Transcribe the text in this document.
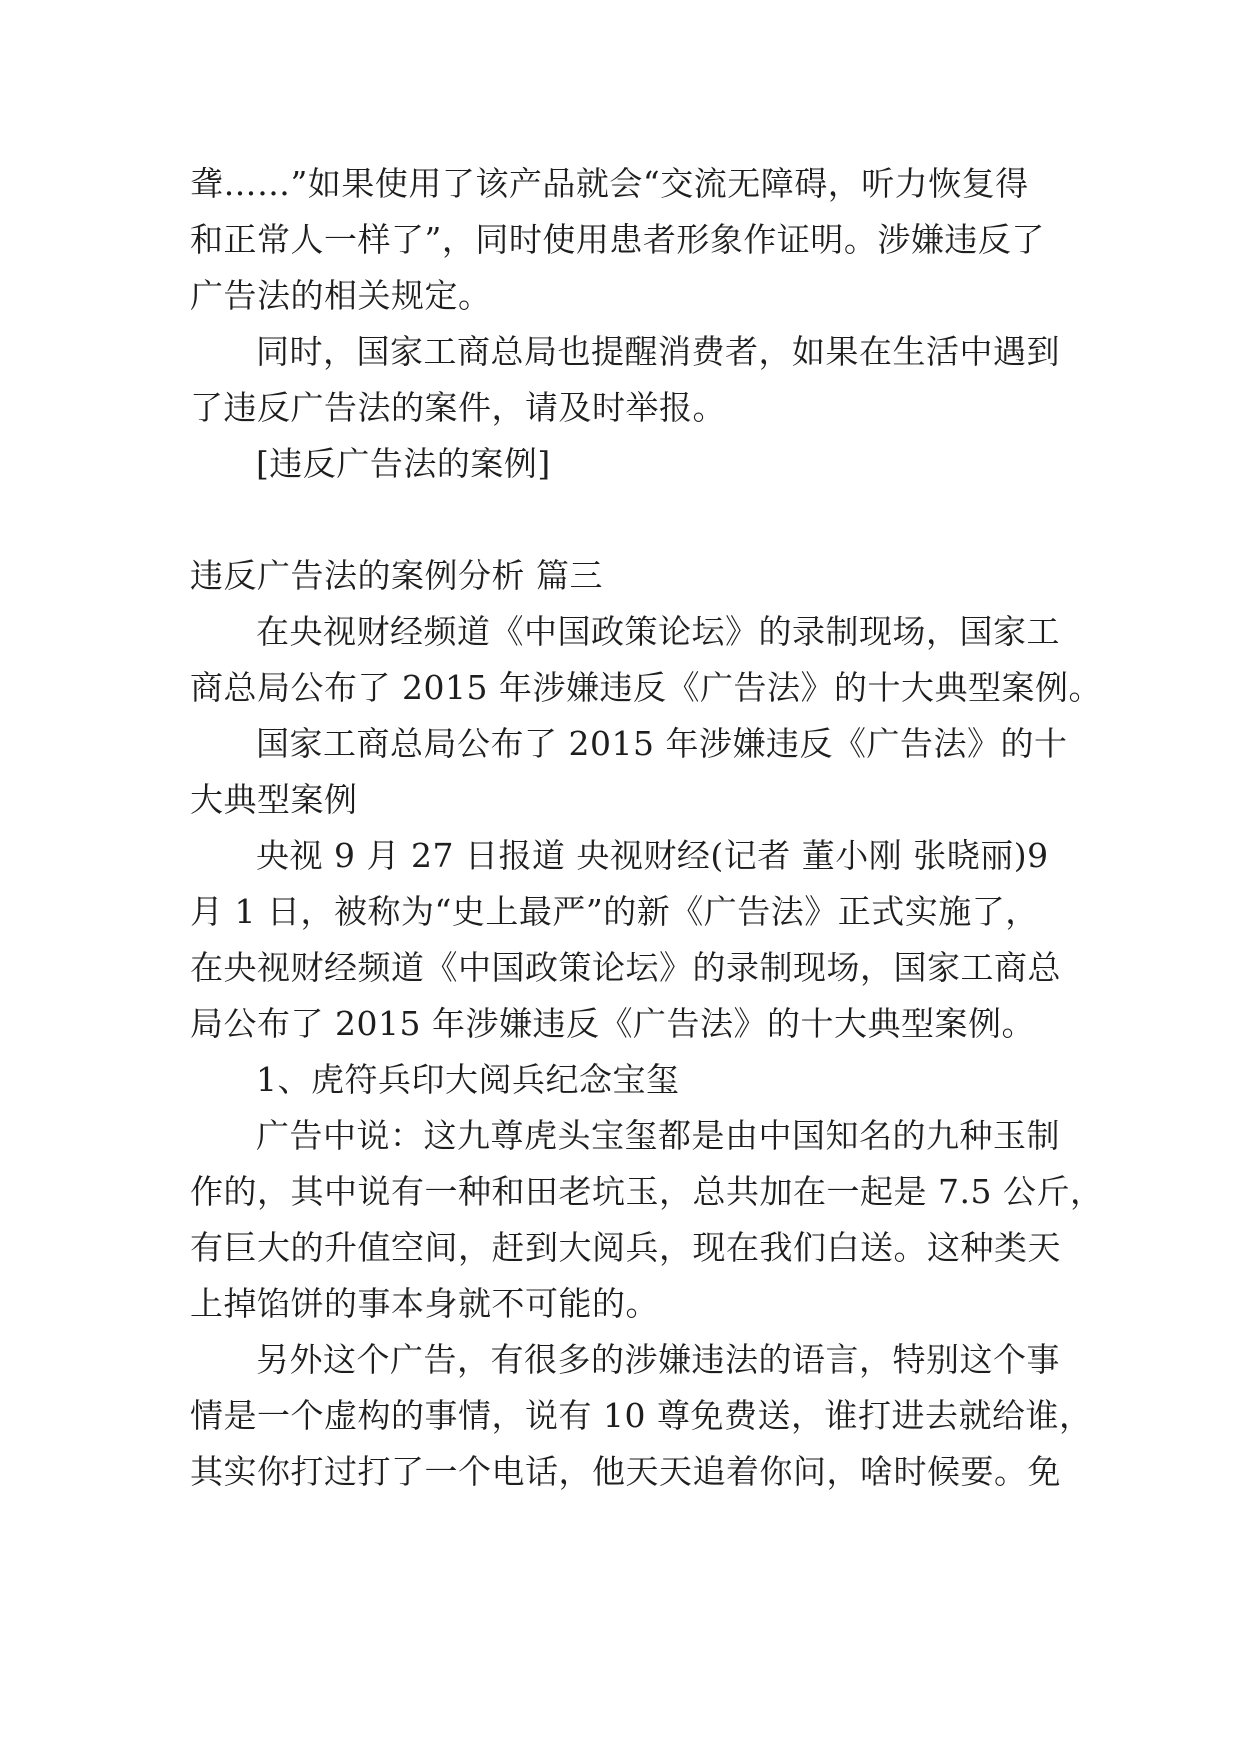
聋……”如果使用了该产品就会“交流无障碍，听力恢复得
和正常人一样了”，同时使用患者形象作证明。涉嫌违反了
广告法的相关规定。
同时，国家工商总局也提醒消费者，如果在生活中遇到
了违反广告法的案件，请及时举报。
[违反广告法的案例]
违反广告法的案例分析 篇三
在央视财经频道《中国政策论坛》的录制现场，国家工
商总局公布了 2015 年涉嫌违反《广告法》的十大典型案例。
国家工商总局公布了 2015 年涉嫌违反《广告法》的十
大典型案例
央视 9 月 27 日报道 央视财经(记者 董小刚 张晓丽)9
月 1 日，被称为“史上最严”的新《广告法》正式实施了，
在央视财经频道《中国政策论坛》的录制现场，国家工商总
局公布了 2015 年涉嫌违反《广告法》的十大典型案例。
1、虎符兵印大阅兵纪念宝玺
广告中说：这九尊虎头宝玺都是由中国知名的九种玉制
作的，其中说有一种和田老坑玉，总共加在一起是 7.5 公斤，
有巨大的升值空间，赶到大阅兵，现在我们白送。这种类天
上掉馅饼的事本身就不可能的。
另外这个广告，有很多的涉嫌违法的语言，特别这个事
情是一个虚构的事情，说有 10 尊免费送，谁打进去就给谁，
其实你打过打了一个电话，他天天追着你问，啥时候要。免
